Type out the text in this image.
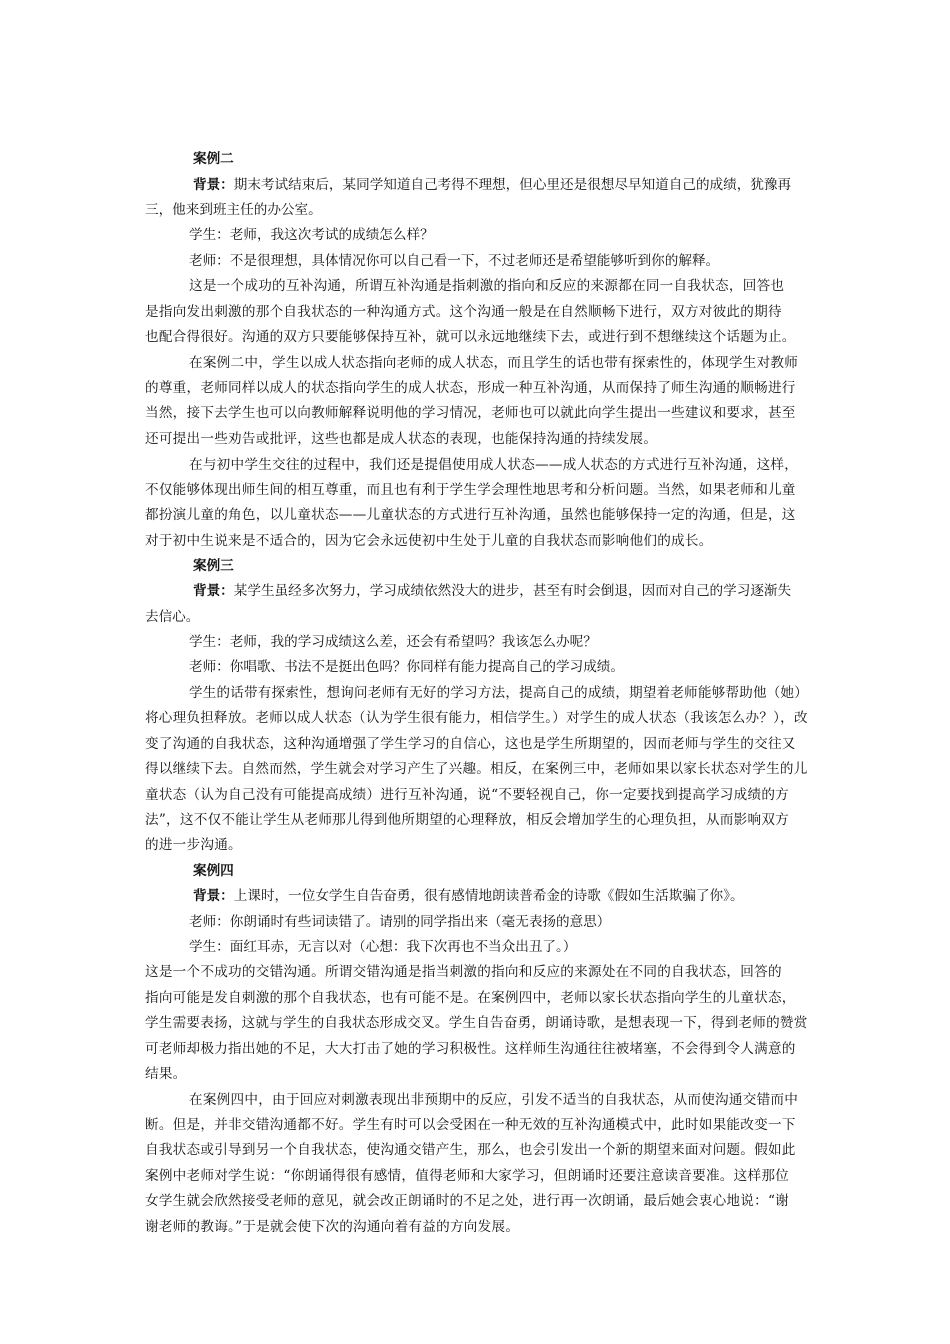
案例二
背景：期末考试结束后，某同学知道自己考得不理想，但心里还是很想尽早知道自己的成绩，犹豫再
三，他来到班主任的办公室。
学生：老师，我这次考试的成绩怎么样？
老师：不是很理想，具体情况你可以自己看一下，不过老师还是希望能够听到你的解释。
这是一个成功的互补沟通，所谓互补沟通是指刺激的指向和反应的来源都在同一自我状态，回答也
是指向发出刺激的那个自我状态的一种沟通方式。这个沟通一般是在自然顺畅下进行，双方对彼此的期待
也配合得很好。沟通的双方只要能够保持互补，就可以永远地继续下去，或进行到不想继续这个话题为止。
在案例二中，学生以成人状态指向老师的成人状态，而且学生的话也带有探索性的，体现学生对教师
的尊重，老师同样以成人的状态指向学生的成人状态，形成一种互补沟通，从而保持了师生沟通的顺畅进行
当然，接下去学生也可以向教师解释说明他的学习情况，老师也可以就此向学生提出一些建议和要求，甚至
还可提出一些劝告或批评，这些也都是成人状态的表现，也能保持沟通的持续发展。
在与初中学生交往的过程中，我们还是提倡使用成人状态——成人状态的方式进行互补沟通，这样，
不仅能够体现出师生间的相互尊重，而且也有利于学生学会理性地思考和分析问题。当然，如果老师和儿童
都扮演儿童的角色，以儿童状态——儿童状态的方式进行互补沟通，虽然也能够保持一定的沟通，但是，这
对于初中生说来是不适合的，因为它会永远使初中生处于儿童的自我状态而影响他们的成长。
案例三
背景：某学生虽经多次努力，学习成绩依然没大的进步，甚至有时会倒退，因而对自己的学习逐渐失
去信心。
学生：老师，我的学习成绩这么差，还会有希望吗？我该怎么办呢？
老师：你唱歌、书法不是挺出色吗？你同样有能力提高自己的学习成绩。
学生的话带有探索性，想询问老师有无好的学习方法，提高自己的成绩，期望着老师能够帮助他（她）
将心理负担释放。老师以成人状态（认为学生很有能力，相信学生。）对学生的成人状态（我该怎么办？），改
变了沟通的自我状态，这种沟通增强了学生学习的自信心，这也是学生所期望的，因而老师与学生的交往又
得以继续下去。自然而然，学生就会对学习产生了兴趣。相反，在案例三中，老师如果以家长状态对学生的儿
童状态（认为自己没有可能提高成绩）进行互补沟通，说“不要轻视自己，你一定要找到提高学习成绩的方
法”，这不仅不能让学生从老师那儿得到他所期望的心理释放，相反会增加学生的心理负担，从而影响双方
的进一步沟通。
案例四
背景：上课时，一位女学生自告奋勇，很有感情地朗读普希金的诗歌《假如生活欺骗了你》。
老师：你朗诵时有些词读错了。请别的同学指出来（毫无表扬的意思）
学生：面红耳赤，无言以对（心想：我下次再也不当众出丑了。）
这是一个不成功的交错沟通。所谓交错沟通是指当刺激的指向和反应的来源处在不同的自我状态，回答的
指向可能是发自刺激的那个自我状态，也有可能不是。在案例四中，老师以家长状态指向学生的儿童状态，
学生需要表扬，这就与学生的自我状态形成交叉。学生自告奋勇，朗诵诗歌，是想表现一下，得到老师的赞赏
可老师却极力指出她的不足，大大打击了她的学习积极性。这样师生沟通往往被堵塞，不会得到令人满意的
结果。
在案例四中，由于回应对刺激表现出非预期中的反应，引发不适当的自我状态，从而使沟通交错而中
断。但是，并非交错沟通都不好。学生有时可以会受困在一种无效的互补沟通模式中，此时如果能改变一下
自我状态或引导到另一个自我状态，使沟通交错产生，那么，也会引发出一个新的期望来面对问题。假如此
案例中老师对学生说：“你朗诵得很有感情，值得老师和大家学习，但朗诵时还要注意读音要准。这样那位
女学生就会欣然接受老师的意见，就会改正朗诵时的不足之处，进行再一次朗诵，最后她会衷心地说：“谢
谢老师的教诲。”于是就会使下次的沟通向着有益的方向发展。
